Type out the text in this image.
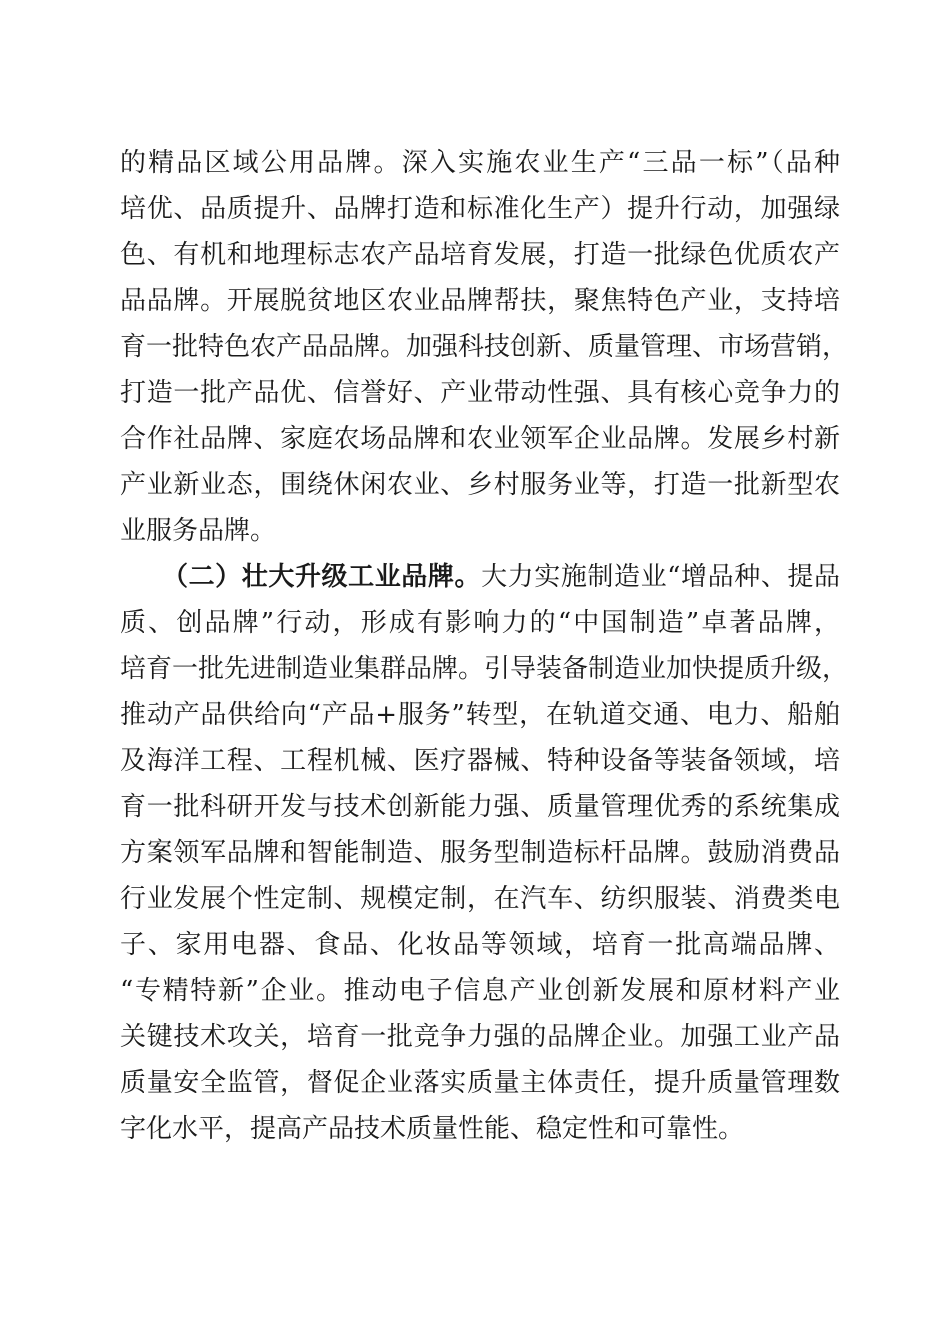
的精品区域公用品牌。深入实施农业生产“三品一标”（品种
培优、品质提升、品牌打造和标准化生产）提升行动，加强绿
色、有机和地理标志农产品培育发展，打造一批绿色优质农产
品品牌。开展脱贫地区农业品牌帮扶，聚焦特色产业，支持培
育一批特色农产品品牌。加强科技创新、质量管理、市场营销，
打造一批产品优、信誉好、产业带动性强、具有核心竞争力的
合作社品牌、家庭农场品牌和农业领军企业品牌。发展乡村新
产业新业态，围绕休闲农业、乡村服务业等，打造一批新型农
业服务品牌。
（二）壮大升级工业品牌。大力实施制造业“增品种、提品
质、创品牌”行动，形成有影响力的“中国制造”卓著品牌，
培育一批先进制造业集群品牌。引导装备制造业加快提质升级，
推动产品供给向“产品+服务”转型，在轨道交通、电力、船舶
及海洋工程、工程机械、医疗器械、特种设备等装备领域，培
育一批科研开发与技术创新能力强、质量管理优秀的系统集成
方案领军品牌和智能制造、服务型制造标杆品牌。鼓励消费品
行业发展个性定制、规模定制，在汽车、纺织服装、消费类电
子、家用电器、食品、化妆品等领域，培育一批高端品牌、
“专精特新”企业。推动电子信息产业创新发展和原材料产业
关键技术攻关，培育一批竞争力强的品牌企业。加强工业产品
质量安全监管，督促企业落实质量主体责任，提升质量管理数
字化水平，提高产品技术质量性能、稳定性和可靠性。
